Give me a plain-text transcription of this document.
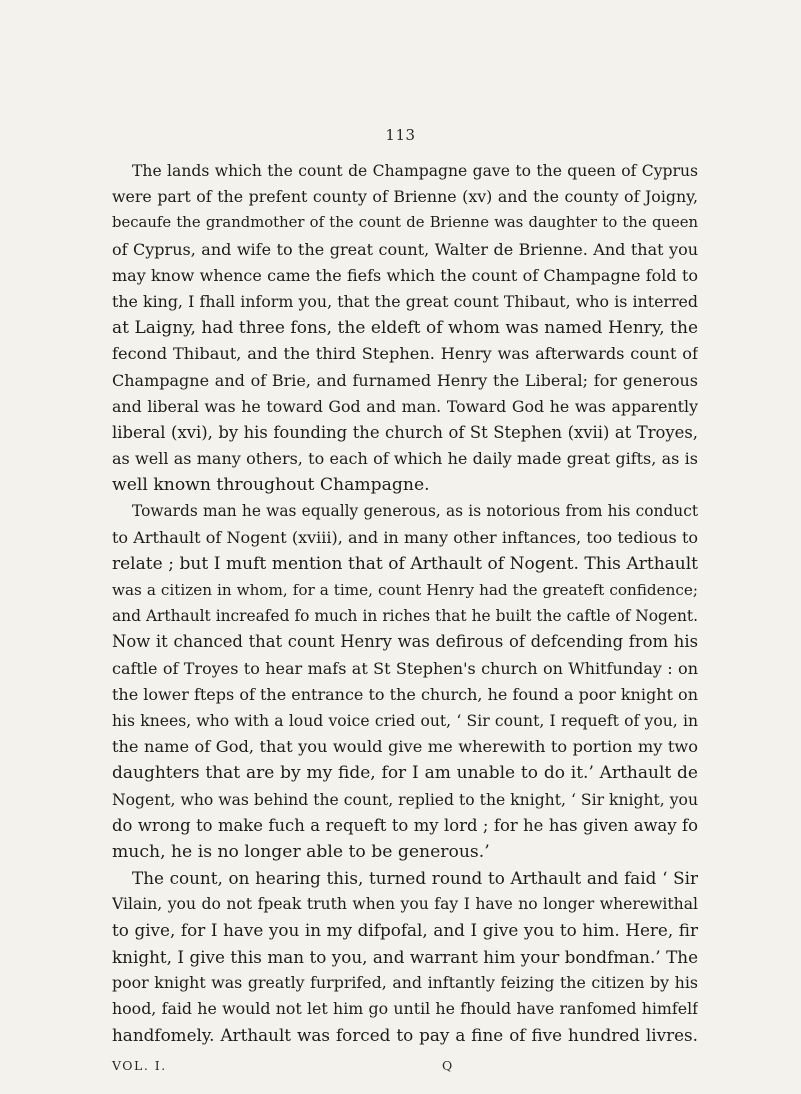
113
The lands which the count de Champagne gave to the queen of Cyprus
were part of the prefent county of Brienne (xv) and the county of Joigny,
becaufe the grandmother of the count de Brienne was daughter to the queen
of Cyprus, and wife to the great count, Walter de Brienne. And that you
may know whence came the fiefs which the count of Champagne fold to
the king, I fhall inform you, that the great count Thibaut, who is interred
at Laigny, had three fons, the eldeft of whom was named Henry, the
fecond Thibaut, and the third Stephen. Henry was afterwards count of
Champagne and of Brie, and furnamed Henry the Liberal; for generous
and liberal was he toward God and man. Toward God he was apparently
liberal (xvi), by his founding the church of St Stephen (xvii) at Troyes,
as well as many others, to each of which he daily made great gifts, as is
well known throughout Champagne.
Towards man he was equally generous, as is notorious from his conduct
to Arthault of Nogent (xviii), and in many other inftances, too tedious to
relate ; but I muft mention that of Arthault of Nogent. This Arthault
was a citizen in whom, for a time, count Henry had the greateft confidence;
and Arthault increafed fo much in riches that he built the caftle of Nogent.
Now it chanced that count Henry was defirous of defcending from his
caftle of Troyes to hear mafs at St Stephen's church on Whitfunday : on
the lower fteps of the entrance to the church, he found a poor knight on
his knees, who with a loud voice cried out, ‘ Sir count, I requeft of you, in
the name of God, that you would give me wherewith to portion my two
daughters that are by my fide, for I am unable to do it.’ Arthault de
Nogent, who was behind the count, replied to the knight, ‘ Sir knight, you
do wrong to make fuch a requeft to my lord ; for he has given away fo
much, he is no longer able to be generous.’
The count, on hearing this, turned round to Arthault and faid ‘ Sir
Vilain, you do not fpeak truth when you fay I have no longer wherewithal
to give, for I have you in my difpofal, and I give you to him. Here, fir
knight, I give this man to you, and warrant him your bondfman.’ The
poor knight was greatly furprifed, and inftantly feizing the citizen by his
hood, faid he would not let him go until he fhould have ranfomed himfelf
handfomely. Arthault was forced to pay a fine of five hundred livres.
VOL. I.	Q
